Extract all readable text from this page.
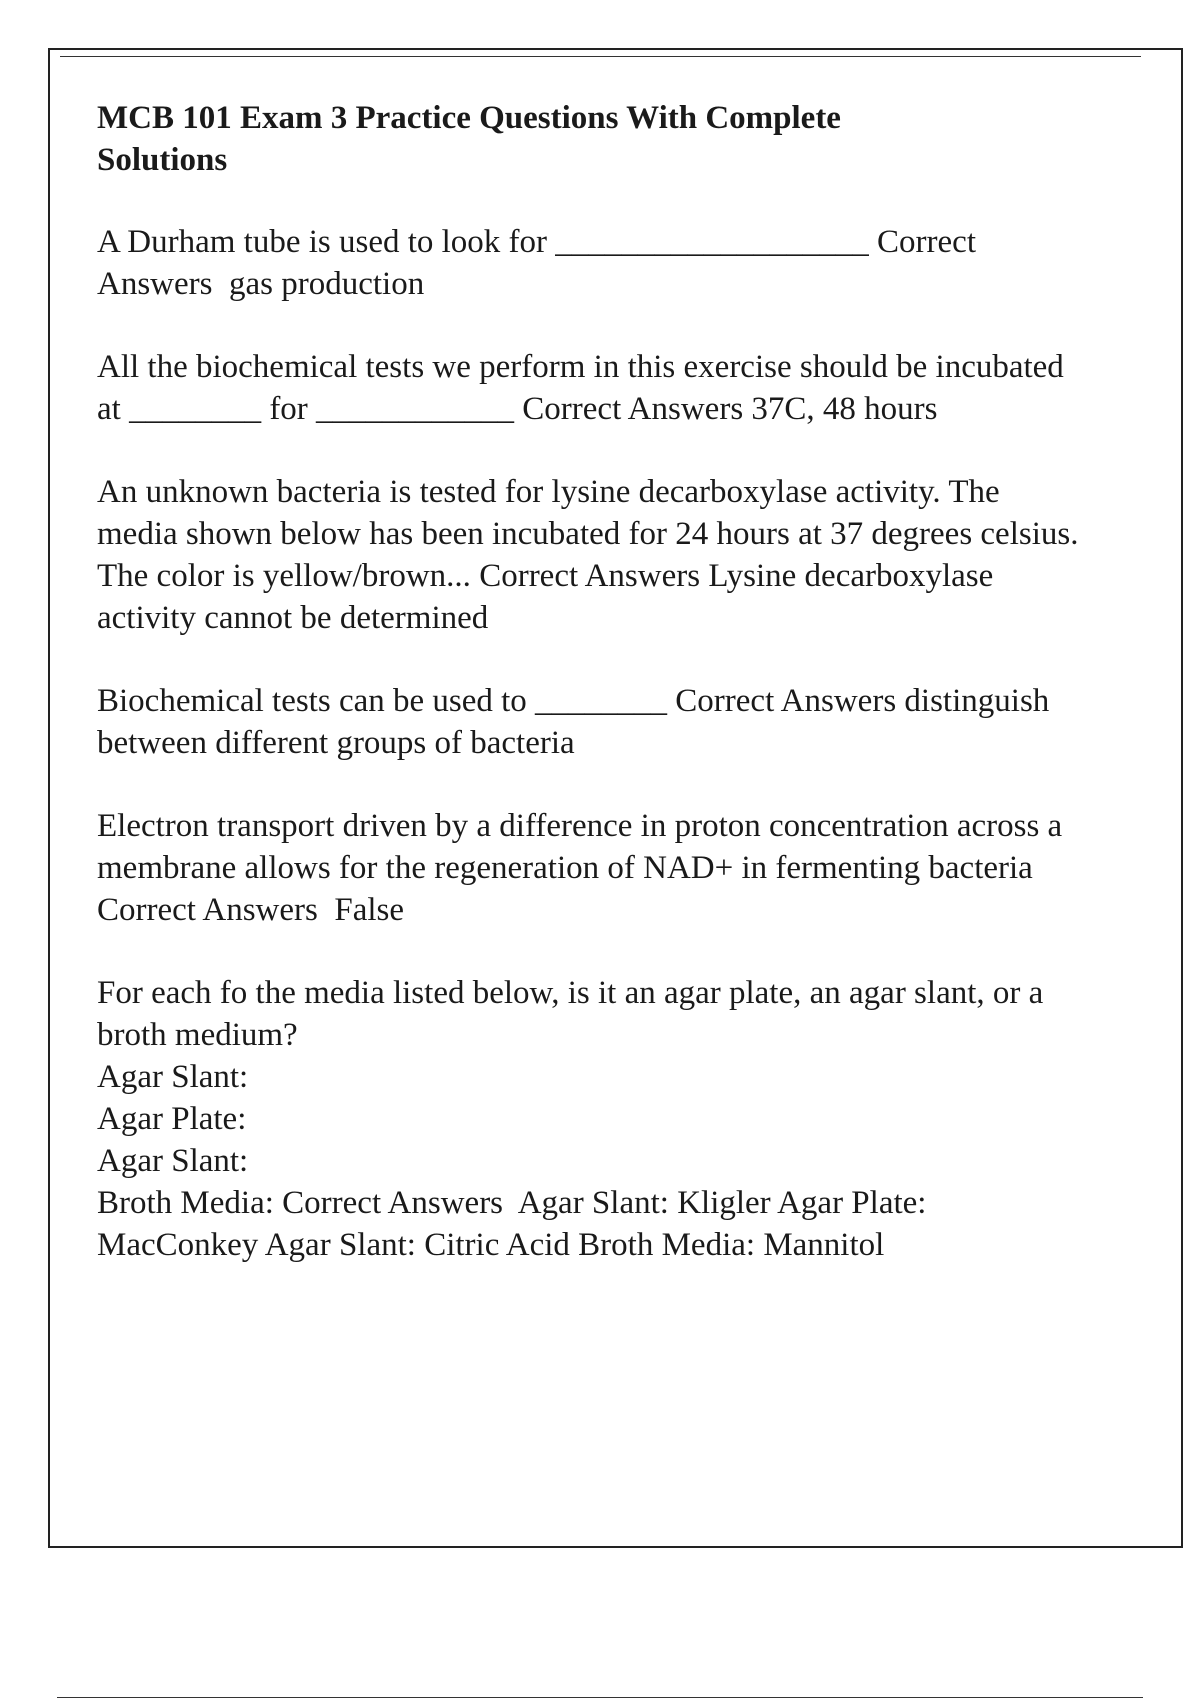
MCB 101 Exam 3 Practice Questions With Complete Solutions
A Durham tube is used to look for ___________________ Correct Answers gas production
All the biochemical tests we perform in this exercise should be incubated at ________ for ____________ Correct Answers 37C, 48 hours
An unknown bacteria is tested for lysine decarboxylase activity. The media shown below has been incubated for 24 hours at 37 degrees celsius. The color is yellow/brown... Correct Answers Lysine decarboxylase activity cannot be determined
Biochemical tests can be used to ________ Correct Answers distinguish between different groups of bacteria
Electron transport driven by a difference in proton concentration across a membrane allows for the regeneration of NAD+ in fermenting bacteria Correct Answers False
For each fo the media listed below, is it an agar plate, an agar slant, or a broth medium?
Agar Slant:
Agar Plate:
Agar Slant:
Broth Media: Correct Answers Agar Slant: Kligler Agar Plate: MacConkey Agar Slant: Citric Acid Broth Media: Mannitol
